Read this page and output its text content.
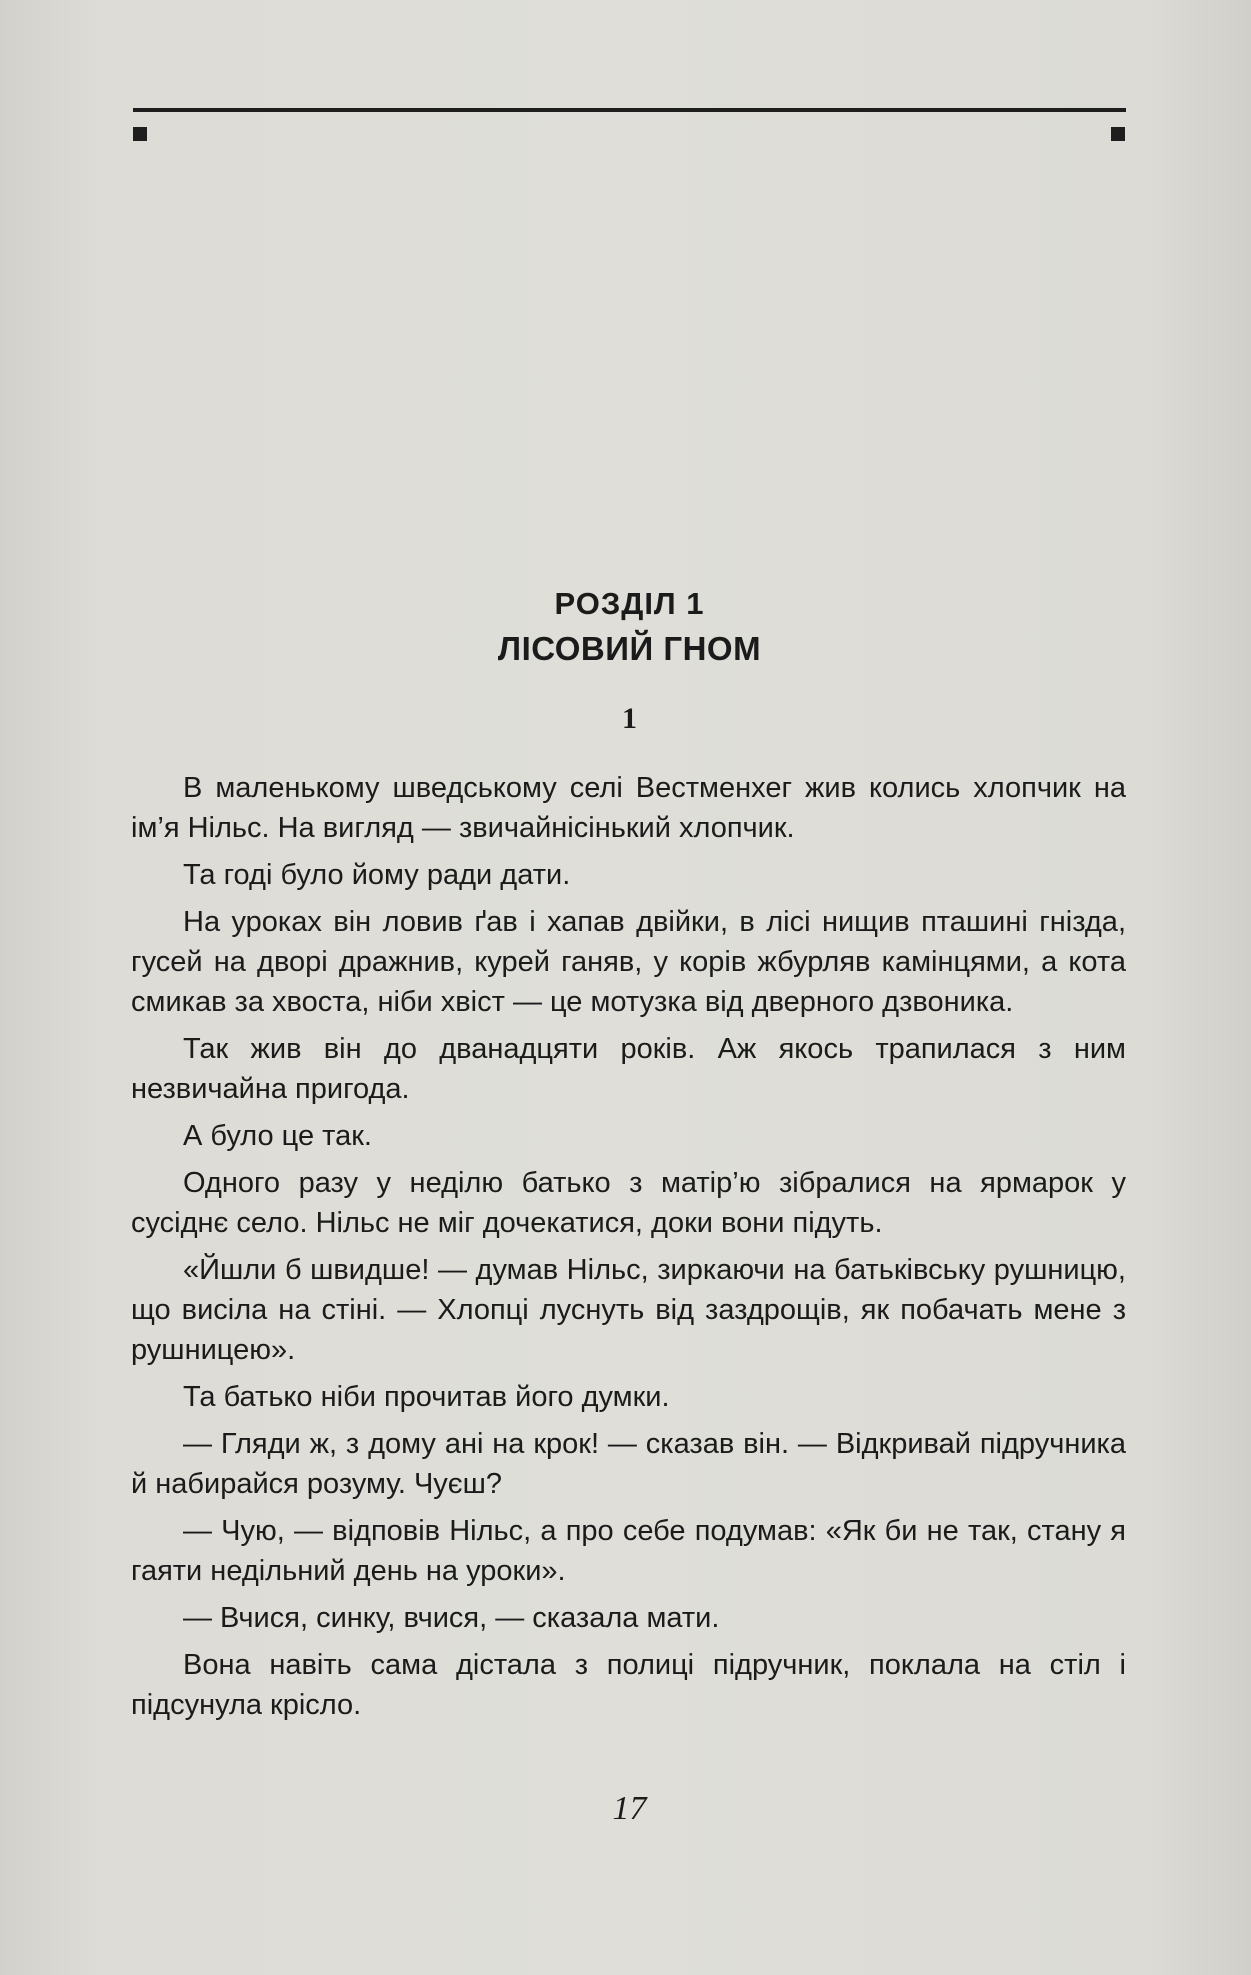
РОЗДІЛ 1
ЛІСОВИЙ ГНОМ
1

В маленькому шведському селі Вестменхег жив колись хлопчик на ім’я Нільс. На вигляд — звичайнісінький хлопчик.

Та годі було йому ради дати.

На уроках він ловив ґав і хапав двійки, в лісі нищив пташині гнізда, гусей на дворі дражнив, курей ганяв, у корів жбурляв камінцями, а кота смикав за хвоста, ніби хвіст — це мотузка від дверного дзвоника.

Так жив він до дванадцяти років. Аж якось трапилася з ним незвичайна пригода.

А було це так.

Одного разу у неділю батько з матір’ю зібралися на ярмарок у сусіднє село. Нільс не міг дочекатися, доки вони підуть.

«Йшли б швидше! — думав Нільс, зиркаючи на батьківську рушницю, що висіла на стіні. — Хлопці луснуть від заздрощів, як побачать мене з рушницею».

Та батько ніби прочитав його думки.

— Гляди ж, з дому ані на крок! — сказав він. — Відкривай підручника й набирайся розуму. Чуєш?

— Чую, — відповів Нільс, а про себе подумав: «Як би не так, стану я гаяти недільний день на уроки».

— Вчися, синку, вчися, — сказала мати.

Вона навіть сама дістала з полиці підручник, поклала на стіл і підсунула крісло.

17
